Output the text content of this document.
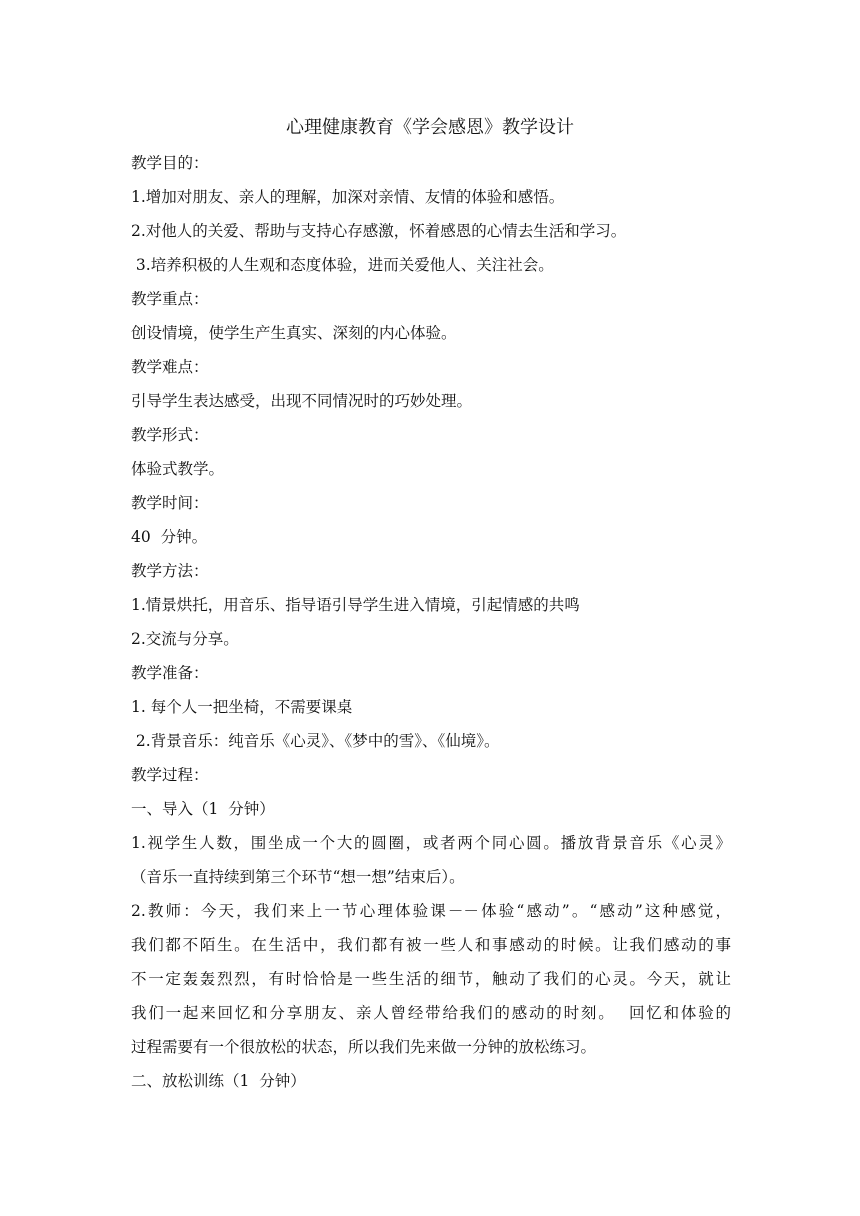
心理健康教育《学会感恩》教学设计
教学目的：
1.增加对朋友、亲人的理解，加深对亲情、友情的体验和感悟。
2.对他人的关爱、帮助与支持心存感激，怀着感恩的心情去生活和学习。
3.培养积极的人生观和态度体验，进而关爱他人、关注社会。
教学重点：
创设情境，使学生产生真实、深刻的内心体验。
教学难点：
引导学生表达感受，出现不同情况时的巧妙处理。
教学形式：
体验式教学。
教学时间：
40  分钟。
教学方法：
1.情景烘托，用音乐、指导语引导学生进入情境，引起情感的共鸣
2.交流与分享。
教学准备：
1. 每个人一把坐椅，不需要课桌
2.背景音乐：纯音乐《心灵》、《梦中的雪》、《仙境》。
教学过程：
一、导入（1  分钟）
1.视学生人数，围坐成一个大的圆圈，或者两个同心圆。播放背景音乐《心灵》
（音乐一直持续到第三个环节“想一想”结束后）。
2.教师：今天，我们来上一节心理体验课－－体验“感动”。“感动”这种感觉，
我们都不陌生。在生活中，我们都有被一些人和事感动的时候。让我们感动的事
不一定轰轰烈烈，有时恰恰是一些生活的细节，触动了我们的心灵。今天，就让
我们一起来回忆和分享朋友、亲人曾经带给我们的感动的时刻。  回忆和体验的
过程需要有一个很放松的状态，所以我们先来做一分钟的放松练习。
二、放松训练（1  分钟）
